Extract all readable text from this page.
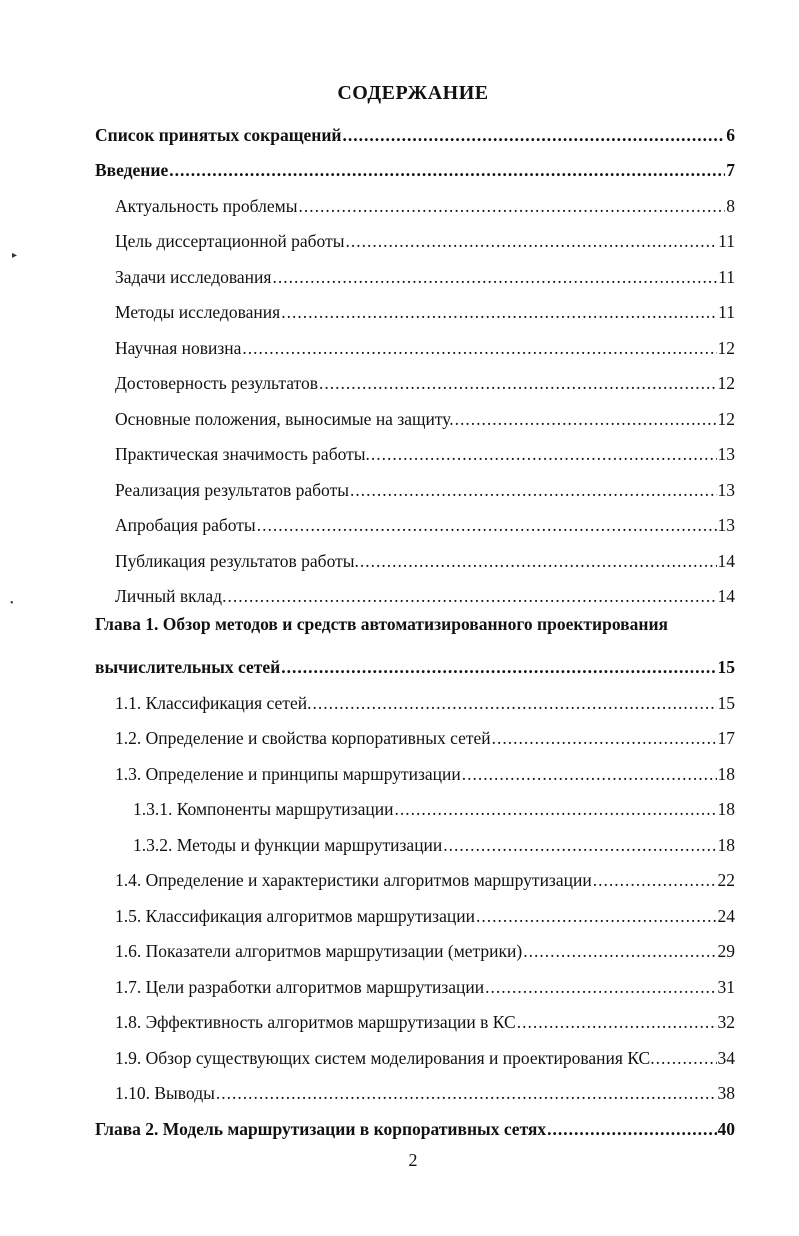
СОДЕРЖАНИЕ
Список принятых сокращений .....	6
Введение .....	7
Актуальность проблемы .....	8
Цель диссертационной работы .....	11
Задачи исследования .....	11
Методы исследования .....	11
Научная новизна .....	12
Достоверность результатов .....	12
Основные положения, выносимые на защиту. .....	12
Практическая значимость работы. .....	13
Реализация результатов работы .....	13
Апробация работы .....	13
Публикация результатов работы. .....	14
Личный вклад. .....	14
Глава 1. Обзор методов и средств автоматизированного проектирования
вычислительных сетей .....	15
1.1. Классификация сетей. .....	15
1.2. Определение и свойства корпоративных сетей .....	17
1.3. Определение и принципы маршрутизации .....	18
1.3.1. Компоненты маршрутизации .....	18
1.3.2. Методы и функции маршрутизации .....	18
1.4. Определение и характеристики алгоритмов маршрутизации .....	22
1.5. Классификация алгоритмов маршрутизации .....	24
1.6. Показатели алгоритмов маршрутизации (метрики) .....	29
1.7. Цели разработки алгоритмов маршрутизации .....	31
1.8. Эффективность алгоритмов маршрутизации в КС .....	32
1.9. Обзор существующих систем моделирования и проектирования КС. .....	34
1.10. Выводы .....	38
Глава 2. Модель маршрутизации в корпоративных сетях .....	40
2
▸
•
